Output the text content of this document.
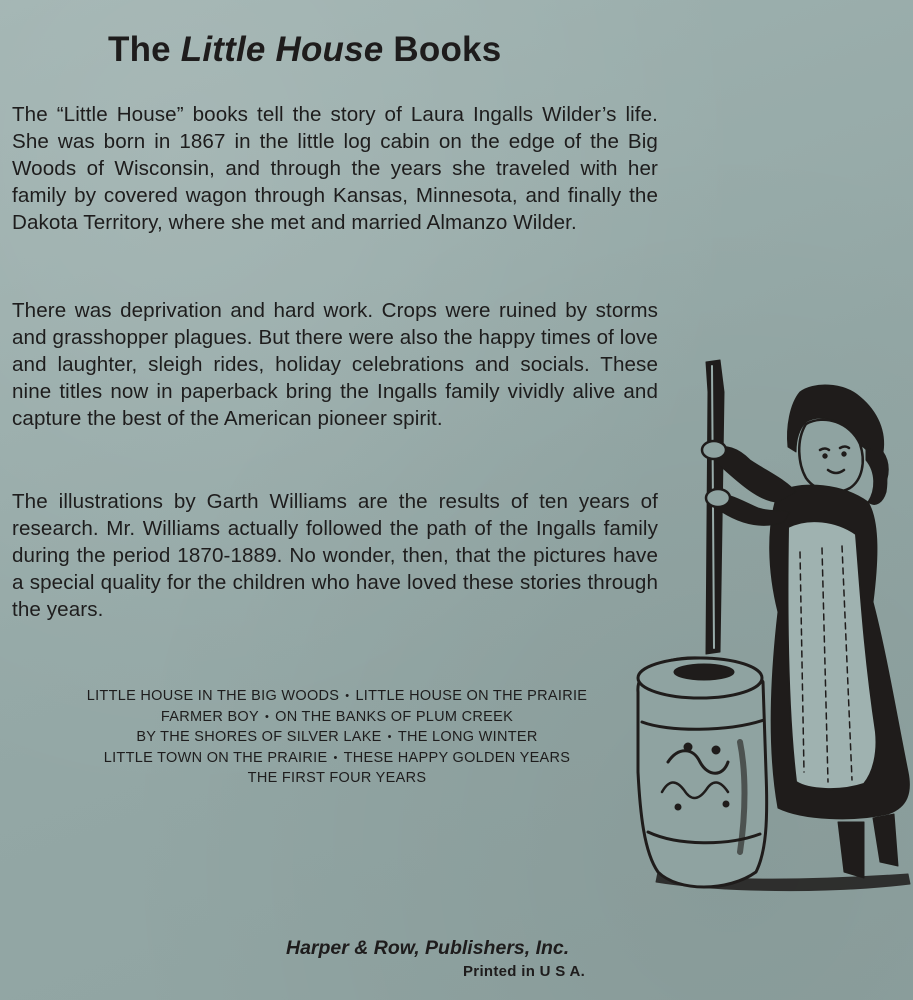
The Little House Books

The “Little House” books tell the story of Laura Ingalls Wilder’s life. She was born in 1867 in the little log cabin on the edge of the Big Woods of Wisconsin, and through the years she traveled with her family by covered wagon through Kansas, Minnesota, and finally the Dakota Territory, where she met and married Almanzo Wilder.

There was deprivation and hard work. Crops were ruined by storms and grasshopper plagues. But there were also the happy times of love and laughter, sleigh rides, holiday celebrations and socials. These nine titles now in paperback bring the Ingalls family vividly alive and capture the best of the American pioneer spirit.

The illustrations by Garth Williams are the results of ten years of research. Mr. Williams actually followed the path of the Ingalls family during the period 1870-1889. No wonder, then, that the pictures have a special quality for the children who have loved these stories through the years.

LITTLE HOUSE IN THE BIG WOODS • LITTLE HOUSE ON THE PRAIRIE
FARMER BOY • ON THE BANKS OF PLUM CREEK
BY THE SHORES OF SILVER LAKE • THE LONG WINTER
LITTLE TOWN ON THE PRAIRIE • THESE HAPPY GOLDEN YEARS
THE FIRST FOUR YEARS
Harper & Row, Publishers, Inc.
Printed in U S A.
